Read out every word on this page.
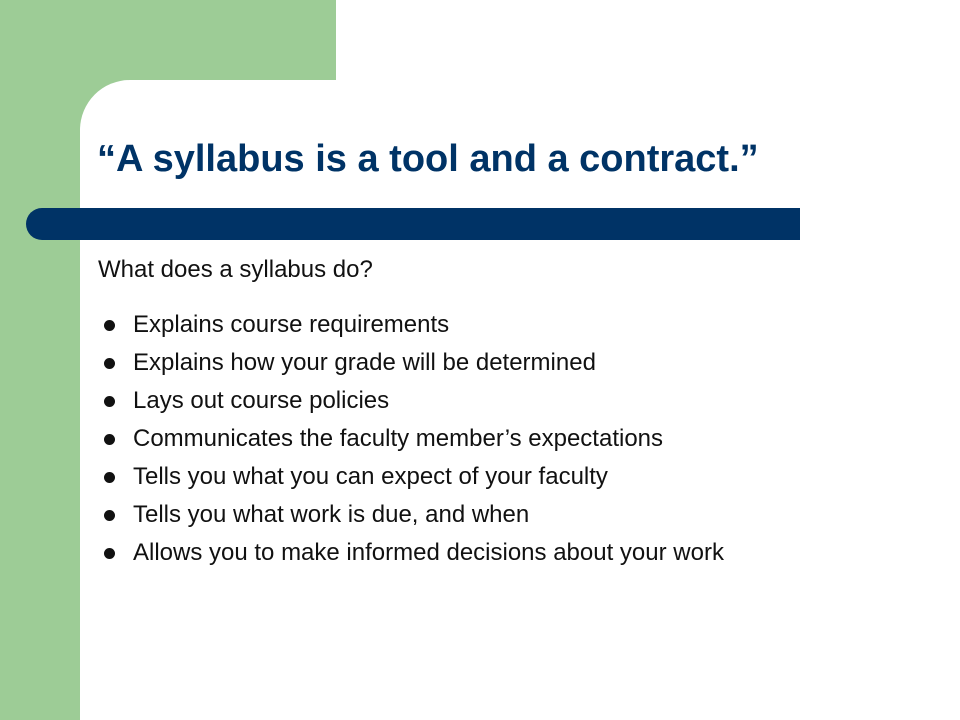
“A syllabus is a tool and a contract.”

What does a syllabus do?

Explains course requirements
Explains how your grade will be determined
Lays out course policies
Communicates the faculty member’s expectations
Tells you what you can expect of your faculty
Tells you what work is due, and when
Allows you to make informed decisions about your work
